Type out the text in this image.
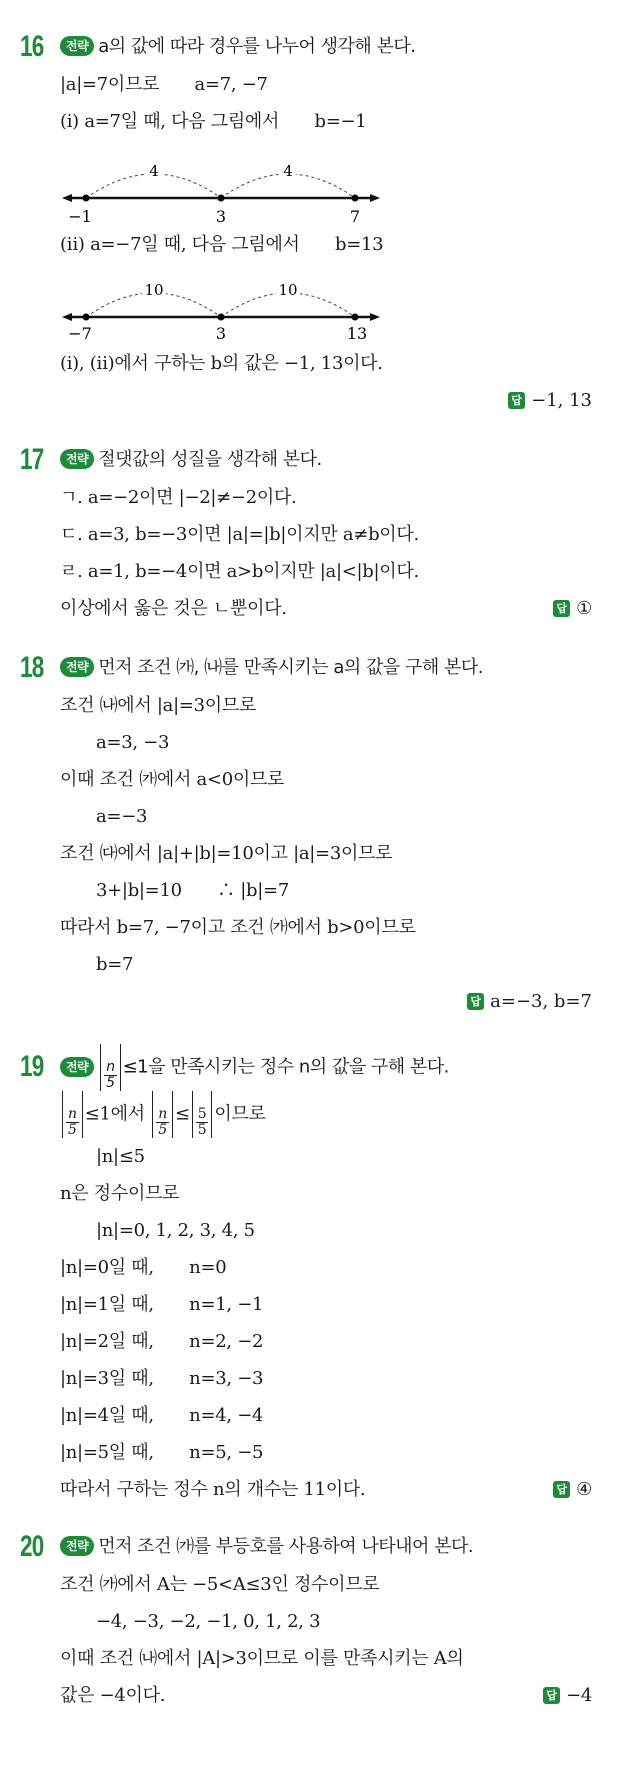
16	전략 a의 값에 따라 경우를 나누어 생각해 본다.
|a|=7이므로　　a=7, −7
(ⅰ) a=7일 때, 다음 그림에서　　b=−1
4	4
−1	3	7
(ⅱ) a=−7일 때, 다음 그림에서　　b=13
10	10
−7	3	13
(ⅰ), (ⅱ)에서 구하는 b의 값은 −1, 13이다.
답 −1, 13
17	전략 절댓값의 성질을 생각해 본다.
ㄱ. a=−2이면 |−2|≠−2이다.
ㄷ. a=3, b=−3이면 |a|=|b|이지만 a≠b이다.
ㄹ. a=1, b=−4이면 a>b이지만 |a|<|b|이다.
답 ①
이상에서 옳은 것은 ㄴ뿐이다.
18	전략 먼저 조건 ㈎, ㈏를 만족시키는 a의 값을 구해 본다.
조건 ㈏에서 |a|=3이므로
a=3, −3
이때 조건 ㈎에서 a<0이므로
a=−3
조건 ㈐에서 |a|+|b|=10이고 |a|=3이므로
3+|b|=10　　∴ |b|=7
따라서 b=7, −7이고 조건 ㈎에서 b>0이므로
b=7
답 a=−3, b=7
19	전략 $\frac{n}{5} \le 1$을 만족시키는 정수 n의 값을 구해 본다.
$\frac{n}{5} \le 1$에서 $\frac{n}{5} \le \frac{5}{5}$ 이므로
|n|≤5
n은 정수이므로
|n|=0, 1, 2, 3, 4, 5
|n|=0일 때,　　n=0
|n|=1일 때,　　n=1, −1
|n|=2일 때,　　n=2, −2
|n|=3일 때,　　n=3, −3
|n|=4일 때,　　n=4, −4
|n|=5일 때,　　n=5, −5
답 ④
따라서 구하는 정수 n의 개수는 11이다.
20	전략 먼저 조건 ㈎를 부등호를 사용하여 나타내어 본다.
조건 ㈎에서 A는 −5<A≤3인 정수이므로
−4, −3, −2, −1, 0, 1, 2, 3
이때 조건 ㈏에서 |A|>3이므로 이를 만족시키는 A의
답 −4
값은 −4이다.
